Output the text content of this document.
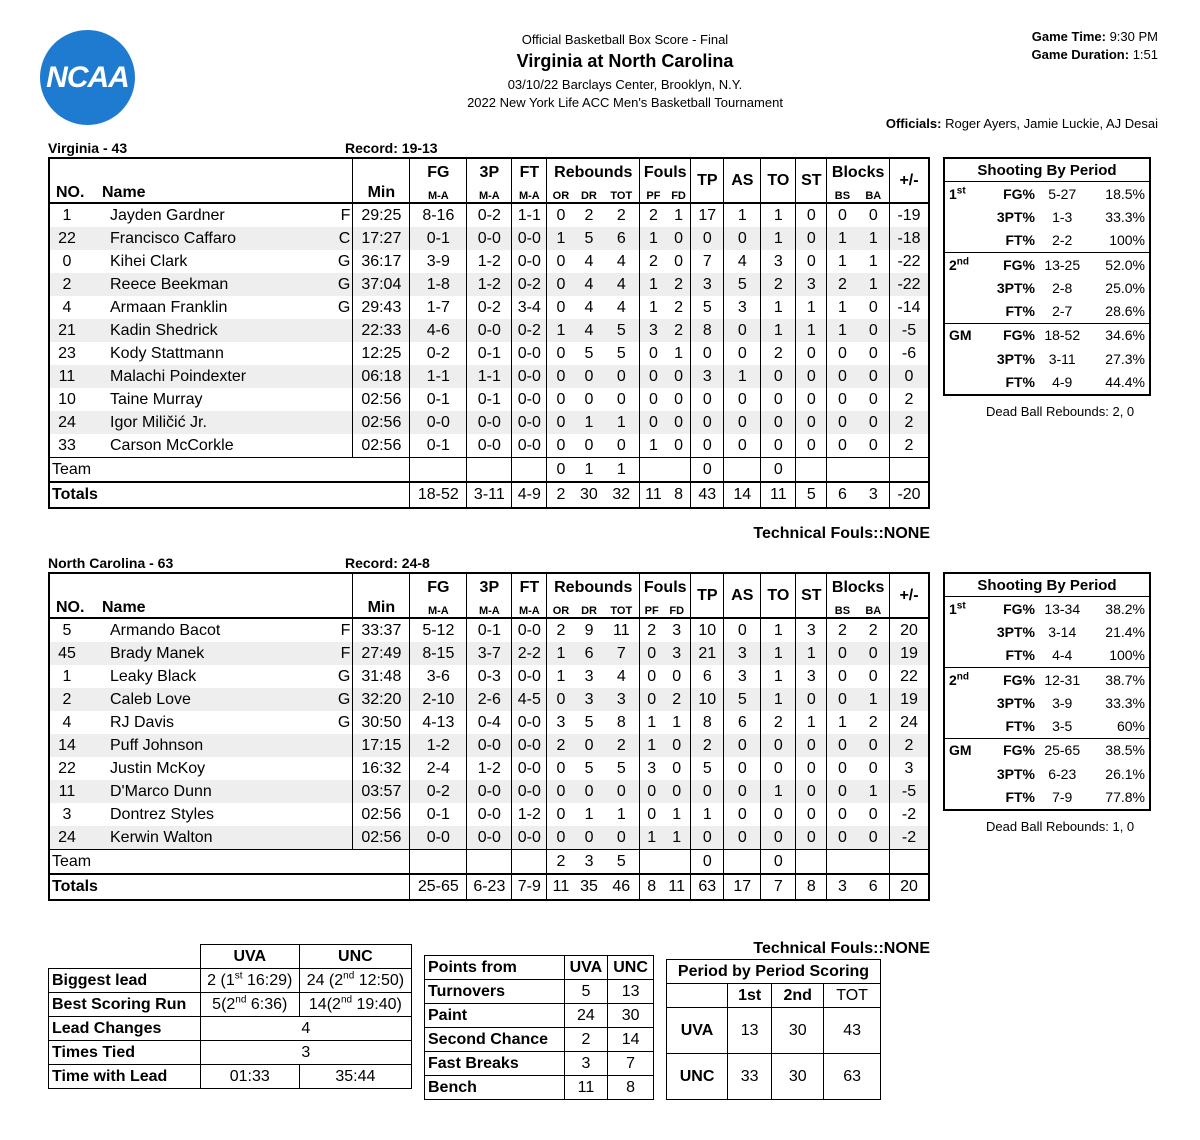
NCAA
Official Basketball Box Score - Final
Virginia at North Carolina
03/10/22 Barclays Center, Brooklyn, N.Y.
2022 New York Life ACC Men's Basketball Tournament
Game Time: 9:30 PM
Game Duration: 1:51
Officials: Roger Ayers, Jamie Luckie, AJ Desai
Virginia - 43	Record: 19-13
NO.		Name		Min	FG	3P	FT	Rebounds			Fouls		TP	AS	TO	ST	Blocks		+/-
					M-A	M-A	M-A	OR	DR	TOT	PF	FD					BS	BA	
1		Jayden Gardner	F	29:25	8-16	0-2	1-1	0	2	2	2	1	17	1	1	0	0	0	-19
22		Francisco Caffaro	C	17:27	0-1	0-0	0-0	1	5	6	1	0	0	0	1	0	1	1	-18
0		Kihei Clark	G	36:17	3-9	1-2	0-0	0	4	4	2	0	7	4	3	0	1	1	-22
2		Reece Beekman	G	37:04	1-8	1-2	0-2	0	4	4	1	2	3	5	2	3	2	1	-22
4		Armaan Franklin	G	29:43	1-7	0-2	3-4	0	4	4	1	2	5	3	1	1	1	0	-14
21		Kadin Shedrick		22:33	4-6	0-0	0-2	1	4	5	3	2	8	0	1	1	1	0	-5
23		Kody Stattmann		12:25	0-2	0-1	0-0	0	5	5	0	1	0	0	2	0	0	0	-6
11		Malachi Poindexter		06:18	1-1	1-1	0-0	0	0	0	0	0	3	1	0	0	0	0	0
10		Taine Murray		02:56	0-1	0-1	0-0	0	0	0	0	0	0	0	0	0	0	0	2
24		Igor Miličić Jr.		02:56	0-0	0-0	0-0	0	1	1	0	0	0	0	0	0	0	0	2
33		Carson McCorkle		02:56	0-1	0-0	0-0	0	0	0	1	0	0	0	0	0	0	0	2
Team								0	1	1			0		0				
Totals					18-52	3-11	4-9	2	30	32	11	8	43	14	11	5	6	3	-20
Technical Fouls::NONE
Shooting By Period		

1st FG%	5-27	18.5%

3PT%	1-3	33.3%

FT%	2-2	100%

2nd FG%	13-25	52.0%

3PT%	2-8	25.0%

FT%	2-7	28.6%

GM FG%	18-52	34.6%

3PT%	3-11	27.3%

FT%	4-9	44.4%
Dead Ball Rebounds: 2, 0
North Carolina - 63	Record: 24-8
NO.		Name		Min	FG	3P	FT	Rebounds			Fouls		TP	AS	TO	ST	Blocks		+/-
					M-A	M-A	M-A	OR	DR	TOT	PF	FD					BS	BA	
5		Armando Bacot	F	33:37	5-12	0-1	0-0	2	9	11	2	3	10	0	1	3	2	2	20
45		Brady Manek	F	27:49	8-15	3-7	2-2	1	6	7	0	3	21	3	1	1	0	0	19
1		Leaky Black	G	31:48	3-6	0-3	0-0	1	3	4	0	0	6	3	1	3	0	0	22
2		Caleb Love	G	32:20	2-10	2-6	4-5	0	3	3	0	2	10	5	1	0	0	1	19
4		RJ Davis	G	30:50	4-13	0-4	0-0	3	5	8	1	1	8	6	2	1	1	2	24
14		Puff Johnson		17:15	1-2	0-0	0-0	2	0	2	1	0	2	0	0	0	0	0	2
22		Justin McKoy		16:32	2-4	1-2	0-0	0	5	5	3	0	5	0	0	0	0	0	3
11		D'Marco Dunn		03:57	0-2	0-0	0-0	0	0	0	0	0	0	0	1	0	0	1	-5
3		Dontrez Styles		02:56	0-1	0-0	1-2	0	1	1	0	1	1	0	0	0	0	0	-2
24		Kerwin Walton		02:56	0-0	0-0	0-0	0	0	0	1	1	0	0	0	0	0	0	-2
Team								2	3	5			0		0				
Totals					25-65	6-23	7-9	11	35	46	8	11	63	17	7	8	3	6	20
Technical Fouls::NONE
Shooting By Period		

1st FG%	13-34	38.2%

3PT%	3-14	21.4%

FT%	4-4	100%

2nd FG%	12-31	38.7%

3PT%	3-9	33.3%

FT%	3-5	60%

GM FG%	25-65	38.5%

3PT%	6-23	26.1%

FT%	7-9	77.8%
Dead Ball Rebounds: 1, 0
	UVA	UNC
Biggest lead	2 (1st 16:29)	24 (2nd 12:50)
Best Scoring Run	5(2nd 6:36)	14(2nd 19:40)
Lead Changes	4	
Times Tied	3	
Time with Lead	01:33	35:44
Points from	UVA	UNC
Turnovers	5	13
Paint	24	30
Second Chance	2	14
Fast Breaks	3	7
Bench	11	8
Period by Period Scoring			
	1st	2nd	TOT
UVA	13	30	43
UNC	33	30	63
